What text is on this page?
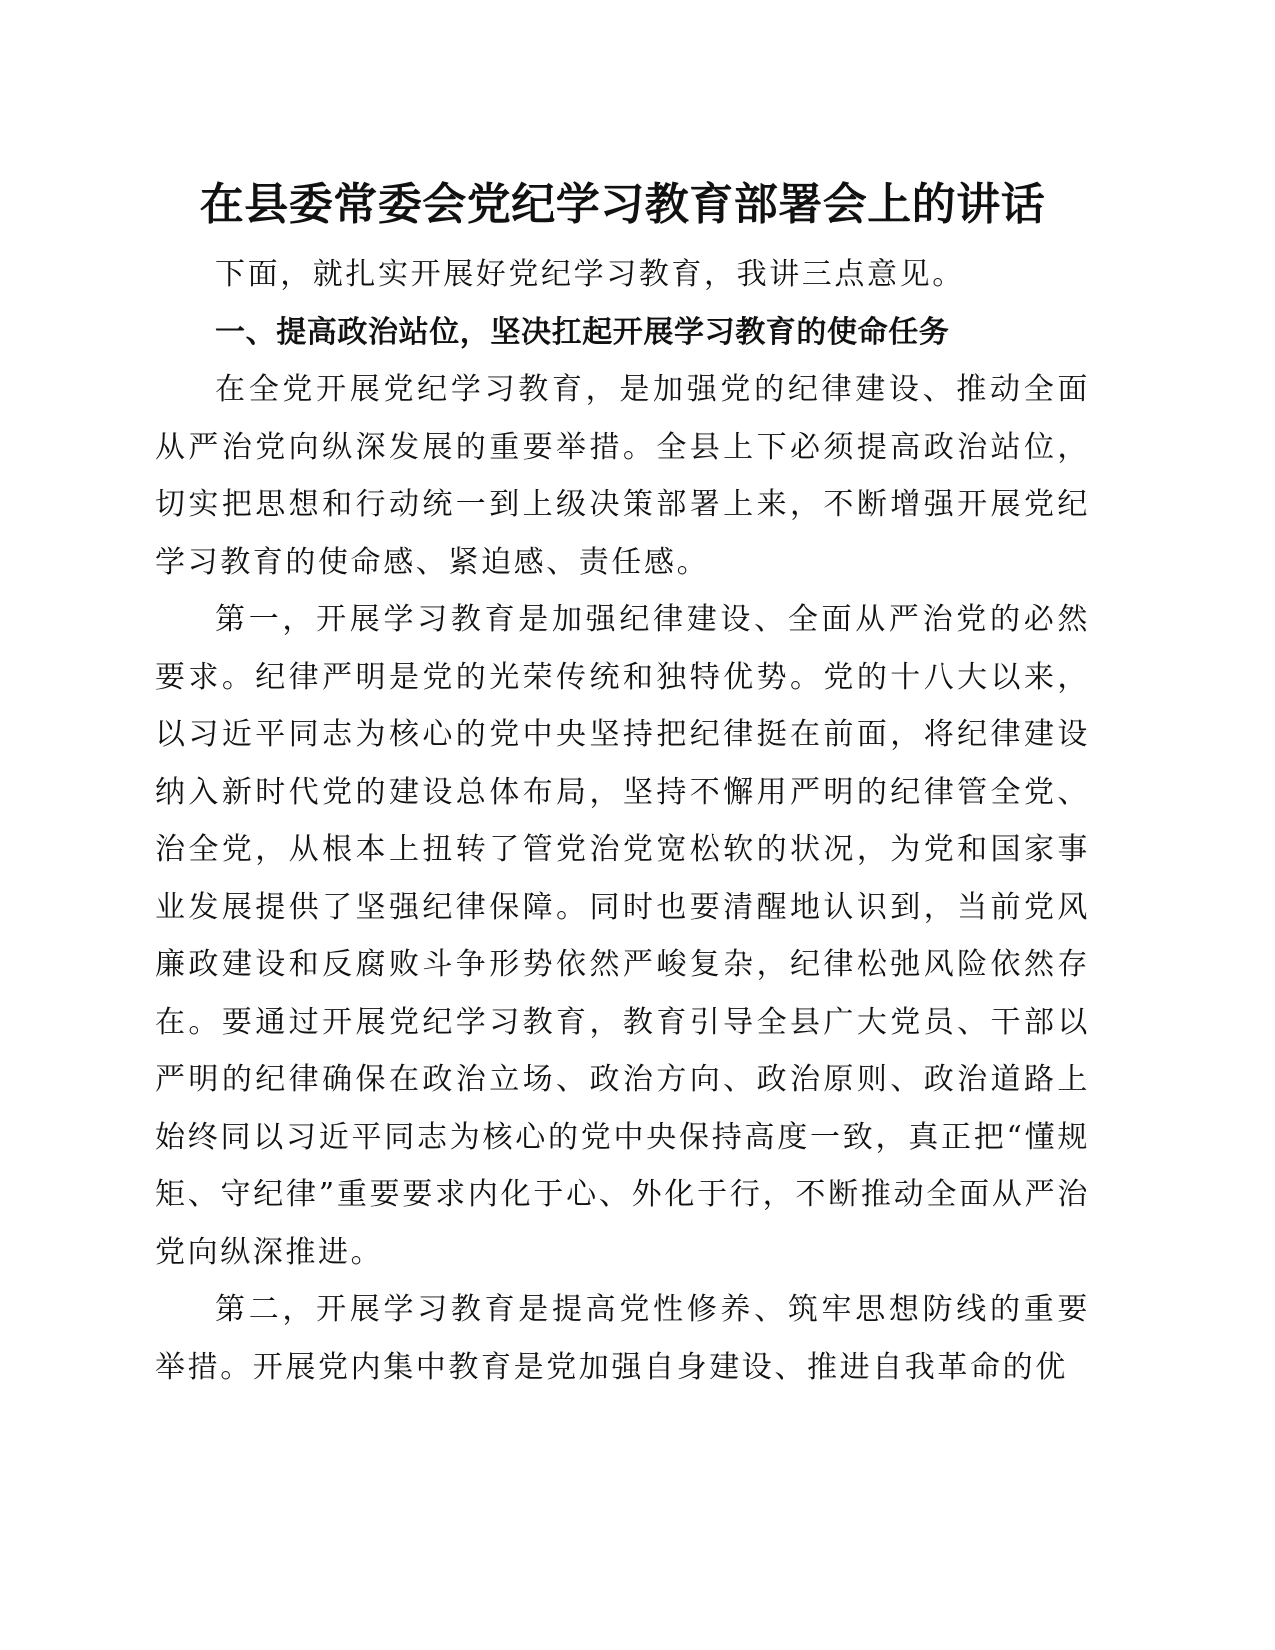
在县委常委会党纪学习教育部署会上的讲话

下面，就扎实开展好党纪学习教育，我讲三点意见。

一、提高政治站位，坚决扛起开展学习教育的使命任务

在全党开展党纪学习教育，是加强党的纪律建设、推动全面从严治党向纵深发展的重要举措。全县上下必须提高政治站位，切实把思想和行动统一到上级决策部署上来，不断增强开展党纪学习教育的使命感、紧迫感、责任感。

第一，开展学习教育是加强纪律建设、全面从严治党的必然要求。纪律严明是党的光荣传统和独特优势。党的十八大以来，以习近平同志为核心的党中央坚持把纪律挺在前面，将纪律建设纳入新时代党的建设总体布局，坚持不懈用严明的纪律管全党、治全党，从根本上扭转了管党治党宽松软的状况，为党和国家事业发展提供了坚强纪律保障。同时也要清醒地认识到，当前党风廉政建设和反腐败斗争形势依然严峻复杂，纪律松弛风险依然存在。要通过开展党纪学习教育，教育引导全县广大党员、干部以严明的纪律确保在政治立场、政治方向、政治原则、政治道路上始终同以习近平同志为核心的党中央保持高度一致，真正把“懂规矩、守纪律”重要要求内化于心、外化于行，不断推动全面从严治党向纵深推进。

第二，开展学习教育是提高党性修养、筑牢思想防线的重要举措。开展党内集中教育是党加强自身建设、推进自我革命的优
